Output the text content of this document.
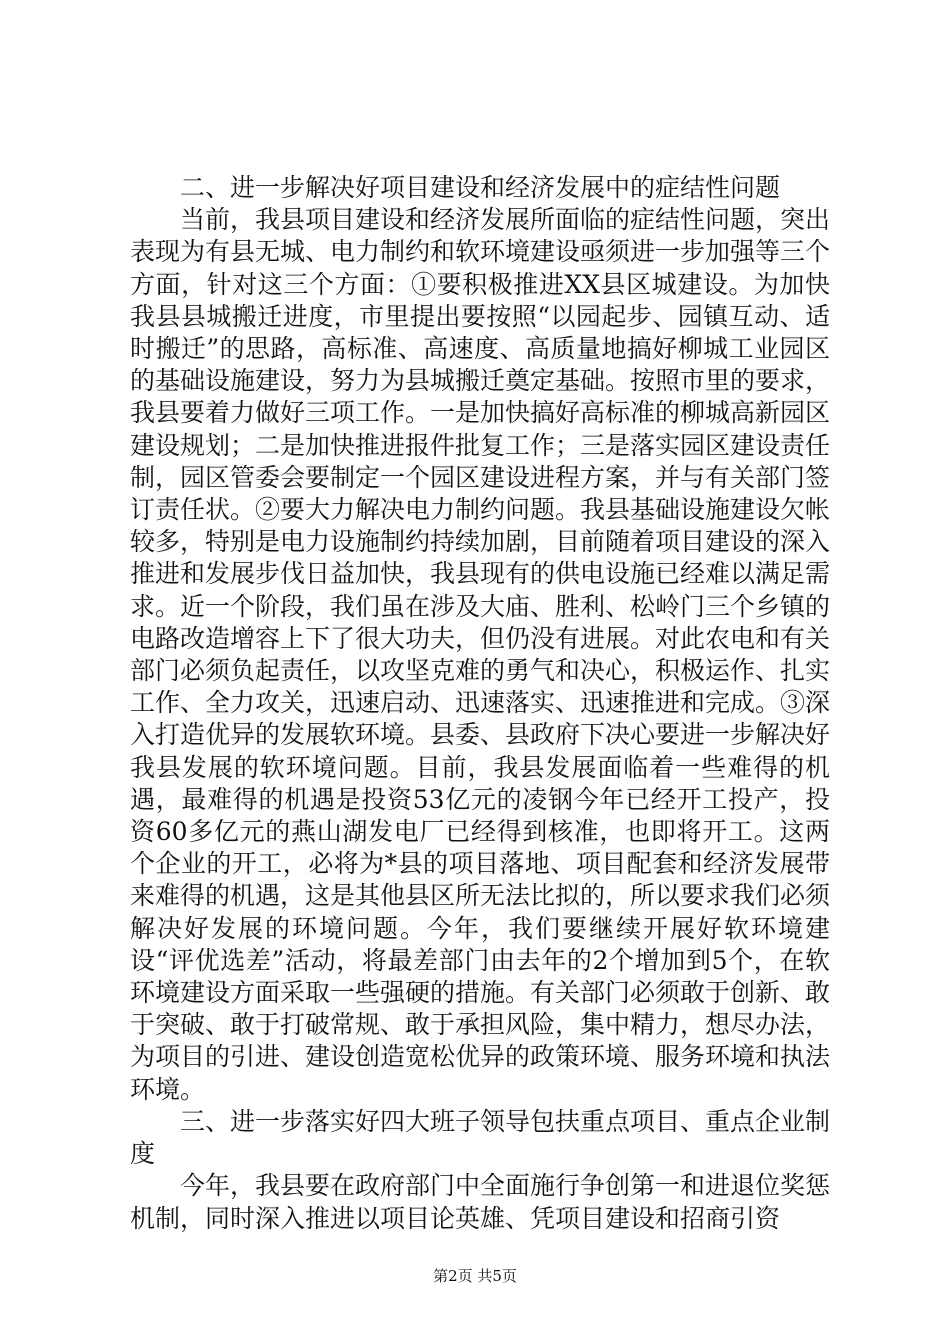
二、进一步解决好项目建设和经济发展中的症结性问题

当前，我县项目建设和经济发展所面临的症结性问题，突出表现为有县无城、电力制约和软环境建设亟须进一步加强等三个方面，针对这三个方面：①要积极推进XX县区城建设。为加快我县县城搬迁进度，市里提出要按照“以园起步、园镇互动、适时搬迁”的思路，高标准、高速度、高质量地搞好柳城工业园区的基础设施建设，努力为县城搬迁奠定基础。按照市里的要求，我县要着力做好三项工作。一是加快搞好高标准的柳城高新园区建设规划；二是加快推进报件批复工作；三是落实园区建设责任制，园区管委会要制定一个园区建设进程方案，并与有关部门签订责任状。②要大力解决电力制约问题。我县基础设施建设欠帐较多，特别是电力设施制约持续加剧，目前随着项目建设的深入推进和发展步伐日益加快，我县现有的供电设施已经难以满足需求。近一个阶段，我们虽在涉及大庙、胜利、松岭门三个乡镇的电路改造增容上下了很大功夫，但仍没有进展。对此农电和有关部门必须负起责任，以攻坚克难的勇气和决心，积极运作、扎实工作、全力攻关，迅速启动、迅速落实、迅速推进和完成。③深入打造优异的发展软环境。县委、县政府下决心要进一步解决好我县发展的软环境问题。目前，我县发展面临着一些难得的机遇，最难得的机遇是投资53亿元的凌钢今年已经开工投产，投资60多亿元的燕山湖发电厂已经得到核准，也即将开工。这两个企业的开工，必将为*县的项目落地、项目配套和经济发展带来难得的机遇，这是其他县区所无法比拟的，所以要求我们必须解决好发展的环境问题。今年，我们要继续开展好软环境建设“评优选差”活动，将最差部门由去年的2个增加到5个，在软环境建设方面采取一些强硬的措施。有关部门必须敢于创新、敢于突破、敢于打破常规、敢于承担风险，集中精力，想尽办法，为项目的引进、建设创造宽松优异的政策环境、服务环境和执法环境。

三、进一步落实好四大班子领导包扶重点项目、重点企业制度

今年，我县要在政府部门中全面施行争创第一和进退位奖惩机制，同时深入推进以项目论英雄、凭项目建设和招商引资

第2页 共5页
